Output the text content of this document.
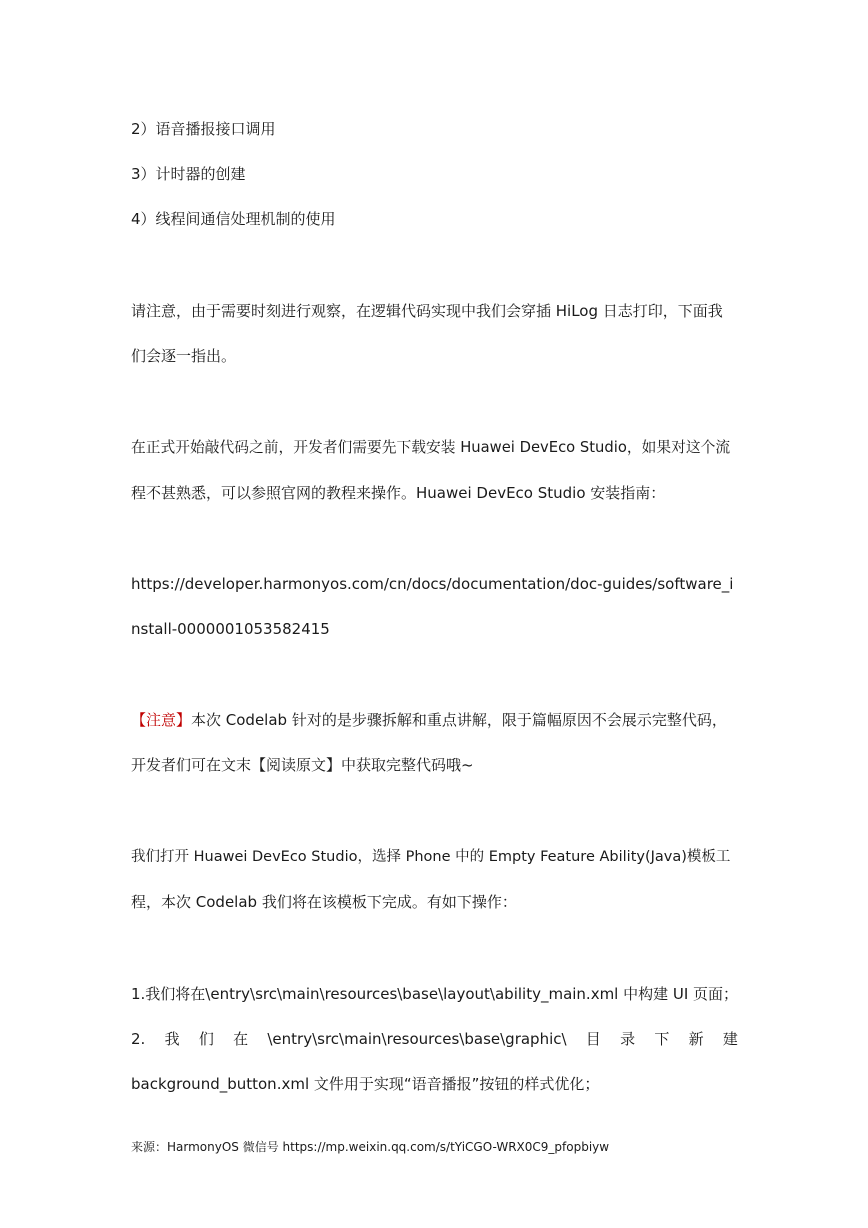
2）语音播报接口调用
3）计时器的创建
4）线程间通信处理机制的使用
请注意，由于需要时刻进行观察，在逻辑代码实现中我们会穿插 HiLog 日志打印，下面我
们会逐一指出。
在正式开始敲代码之前，开发者们需要先下载安装 Huawei DevEco Studio，如果对这个流
程不甚熟悉，可以参照官网的教程来操作。Huawei DevEco Studio 安装指南：
https://developer.harmonyos.com/cn/docs/documentation/doc-guides/software_i
nstall-0000001053582415
【注意】本次 Codelab 针对的是步骤拆解和重点讲解，限于篇幅原因不会展示完整代码，
开发者们可在文末【阅读原文】中获取完整代码哦~
我们打开 Huawei DevEco Studio，选择 Phone 中的 Empty Feature Ability(Java)模板工
程，本次 Codelab 我们将在该模板下完成。有如下操作：
1.我们将在\entry\src\main\resources\base\layout\ability_main.xml 中构建 UI 页面；
2. 我 们 在 \entry\src\main\resources\base\graphic\ 目 录 下 新 建
background_button.xml 文件用于实现“语音播报”按钮的样式优化；
来源：HarmonyOS 微信号 https://mp.weixin.qq.com/s/tYiCGO-WRX0C9_pfopbiyw
